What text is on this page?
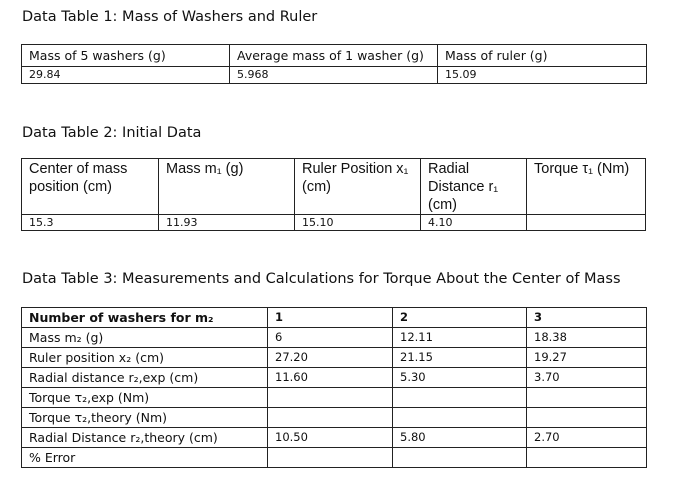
Data Table 1: Mass of Washers and Ruler
Mass of 5 washers (g)	Average mass of 1 washer (g)	Mass of ruler (g)
29.84	5.968	15.09
Data Table 2: Initial Data
Center of mass position (cm)	Mass m₁ (g)	Ruler Position x₁ (cm)	Radial Distance r₁ (cm)	Torque τ₁ (Nm)
15.3	11.93	15.10	4.10	
Data Table 3: Measurements and Calculations for Torque About the Center of Mass
Number of washers for m₂	1	2	3
Mass m₂ (g)	6	12.11	18.38
Ruler position x₂ (cm)	27.20	21.15	19.27
Radial distance r₂,exp (cm)	11.60	5.30	3.70
Torque τ₂,exp (Nm)			
Torque τ₂,theory (Nm)			
Radial Distance r₂,theory (cm)	10.50	5.80	2.70
% Error			
